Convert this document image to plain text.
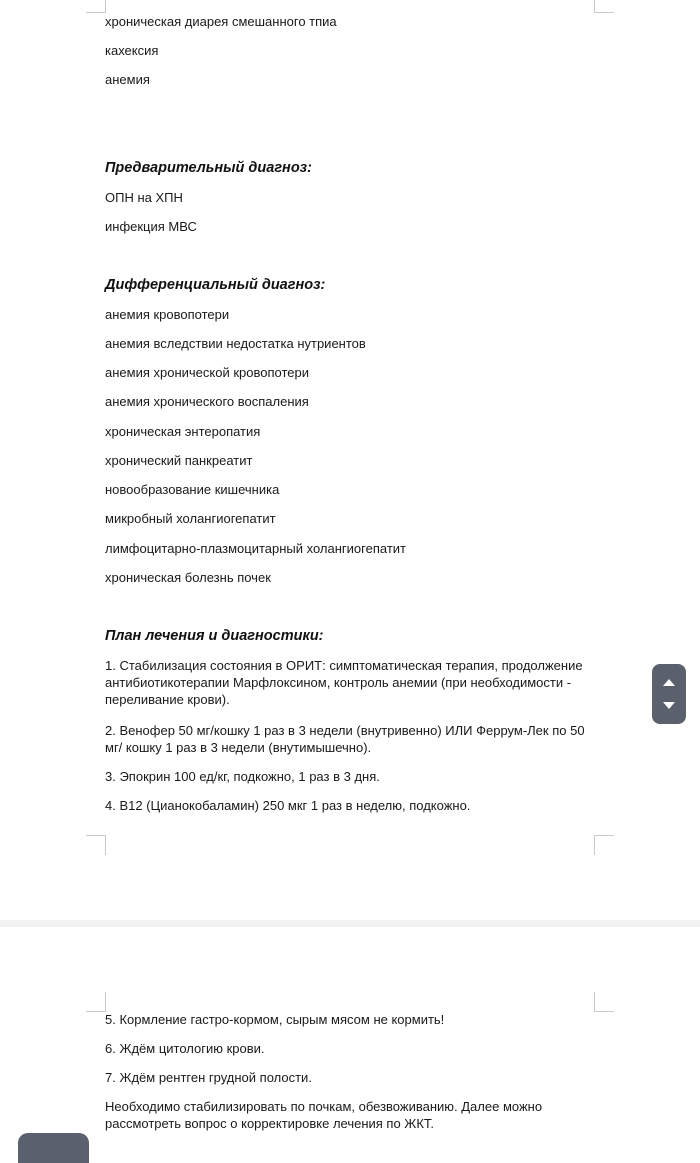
хроническая диарея смешанного тпиа
кахексия
анемия
Предварительный диагноз:
ОПН на ХПН
инфекция МВС
Дифференциальный диагноз:
анемия кровопотери
анемия вследствии недостатка нутриентов
анемия хронической кровопотери
анемия хронического воспаления
хроническая энтеропатия
хронический панкреатит
новообразование кишечника
микробный холангиогепатит
лимфоцитарно-плазмоцитарный холангиогепатит
хроническая болезнь почек
План лечения и диагностики:
1. Стабилизация состояния в ОРИТ: симптоматическая терапия, продолжение антибиотикотерапии Марфлоксином, контроль анемии (при необходимости - переливание крови).
2. Венофер 50 мг/кошку 1 раз в 3 недели (внутривенно) ИЛИ Феррум-Лек по 50 мг/ кошку 1 раз в 3 недели (внутимышечно).
3. Эпокрин 100 ед/кг, подкожно, 1 раз в 3 дня.
4. В12 (Цианокобаламин) 250 мкг 1 раз в неделю, подкожно.
5. Кормление гастро-кормом, сырым мясом не кормить!
6. Ждём цитологию крови.
7. Ждём рентген грудной полости.
Необходимо стабилизировать по почкам, обезвоживанию. Далее можно рассмотреть вопрос о корректировке лечения по ЖКТ.
